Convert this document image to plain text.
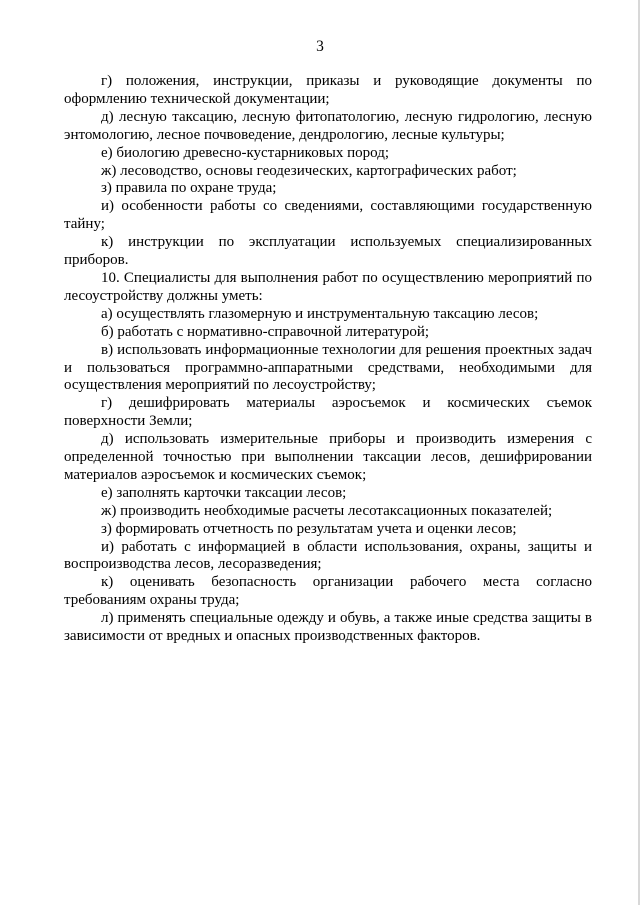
3

г) положения, инструкции, приказы и руководящие документы по оформлению технической документации;

д) лесную таксацию, лесную фитопатологию, лесную гидрологию, лесную энтомологию, лесное почвоведение, дендрологию, лесные культуры;

е) биологию древесно-кустарниковых пород;

ж) лесоводство, основы геодезических, картографических работ;

з) правила по охране труда;

и) особенности работы со сведениями, составляющими государственную тайну;

к) инструкции по эксплуатации используемых специализированных приборов.

10. Специалисты для выполнения работ по осуществлению мероприятий по лесоустройству должны уметь:

а) осуществлять глазомерную и инструментальную таксацию лесов;

б) работать с нормативно-справочной литературой;

в) использовать информационные технологии для решения проектных задач и пользоваться программно-аппаратными средствами, необходимыми для осуществления мероприятий по лесоустройству;

г) дешифрировать материалы аэросъемок и космических съемок поверхности Земли;

д) использовать измерительные приборы и производить измерения с определенной точностью при выполнении таксации лесов, дешифрировании материалов аэросъемок и космических съемок;

е) заполнять карточки таксации лесов;

ж) производить необходимые расчеты лесотаксационных показателей;

з) формировать отчетность по результатам учета и оценки лесов;

и) работать с информацией в области использования, охраны, защиты и воспроизводства лесов, лесоразведения;

к) оценивать безопасность организации рабочего места согласно требованиям охраны труда;

л) применять специальные одежду и обувь, а также иные средства защиты в зависимости от вредных и опасных производственных факторов.
